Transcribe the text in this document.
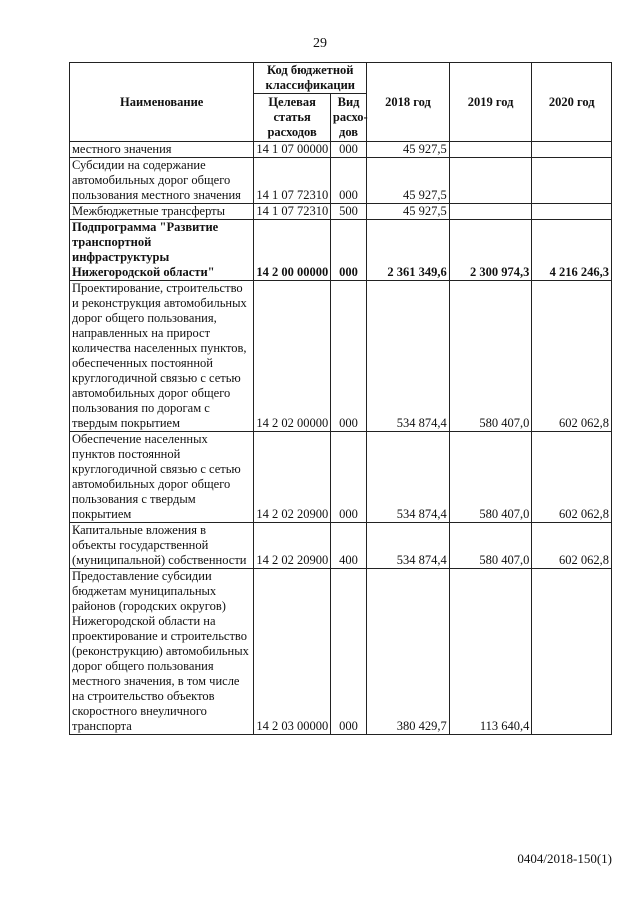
29
Наименование	Код бюджетной классификации		2018 год	2019 год	2020 год
	Целевая статья расходов	Вид расхо-дов			
местного значения	14 1 07 00000	000	45 927,5		
Субсидии на содержание автомобильных дорог общего пользования местного значения	14 1 07 72310	000	45 927,5		
Межбюджетные трансферты	14 1 07 72310	500	45 927,5		
Подпрограмма "Развитие транспортной инфраструктуры Нижегородской области"	14 2 00 00000	000	2 361 349,6	2 300 974,3	4 216 246,3
Проектирование, строительство и реконструкция автомобильных дорог общего пользования, направленных на прирост количества населенных пунктов, обеспеченных постоянной круглогодичной связью с сетью автомобильных дорог общего пользования по дорогам с твердым покрытием	14 2 02 00000	000	534 874,4	580 407,0	602 062,8
Обеспечение населенных пунктов постоянной круглогодичной связью с сетью автомобильных дорог общего пользования с твердым покрытием	14 2 02 20900	000	534 874,4	580 407,0	602 062,8
Капитальные вложения в объекты государственной (муниципальной) собственности	14 2 02 20900	400	534 874,4	580 407,0	602 062,8
Предоставление субсидии бюджетам муниципальных районов (городских округов) Нижегородской области на проектирование и строительство (реконструкцию) автомобильных дорог общего пользования местного значения, в том числе на строительство объектов скоростного внеуличного транспорта	14 2 03 00000	000	380 429,7	113 640,4	
0404/2018-150(1)
